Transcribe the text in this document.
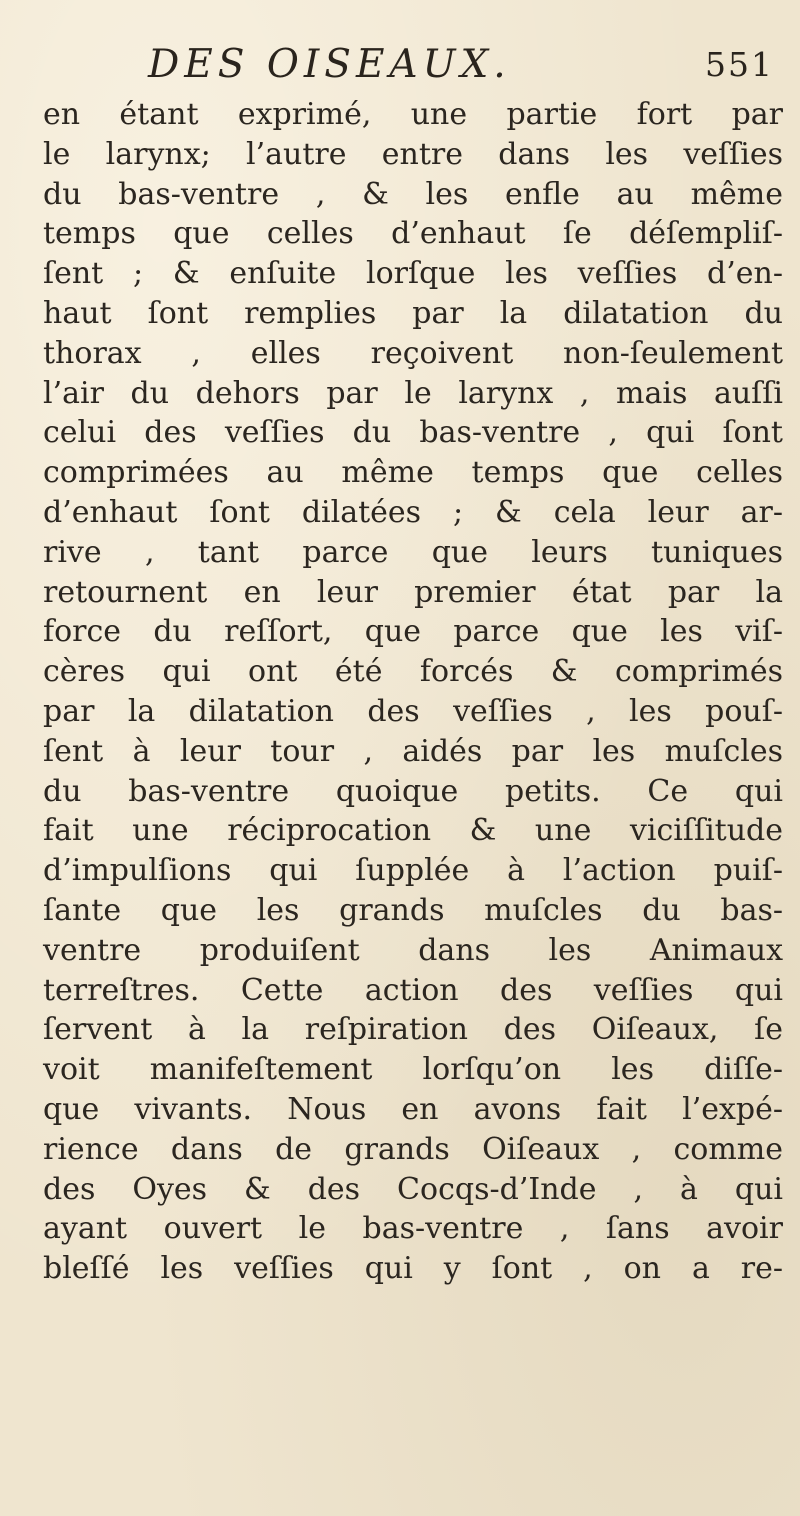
DES OISEAUX.	551
en étant exprimé, une partie fort par
le larynx; l’autre entre dans les veſſies
du bas-ventre , & les enfle au même
temps que celles d’enhaut ſe déſempliſ-
ſent ; & enſuite lorſque les veſſies d’en-
haut ſont remplies par la dilatation du
thorax , elles reçoivent non-ſeulement
l’air du dehors par le larynx , mais auſſi
celui des veſſies du bas-ventre , qui ſont
comprimées au même temps que celles
d’enhaut ſont dilatées ; & cela leur ar-
rive , tant parce que leurs tuniques
retournent en leur premier état par la
force du reſſort, que parce que les viſ-
cères qui ont été forcés & comprimés
par la dilatation des veſſies , les pouſ-
ſent à leur tour , aidés par les muſcles
du bas-ventre quoique petits. Ce qui
fait une réciprocation & une viciſſitude
d’impulſions qui ſupplée à l’action puiſ-
ſante que les grands muſcles du bas-
ventre produiſent dans les Animaux
terreſtres. Cette action des veſſies qui
ſervent à la reſpiration des Oiſeaux, ſe
voit manifeſtement lorſqu’on les diſſe-
que vivants. Nous en avons fait l’expé-
rience dans de grands Oiſeaux , comme
des Oyes & des Cocqs-d’Inde , à qui
ayant ouvert le bas-ventre , ſans avoir
bleſſé les veſſies qui y ſont , on a re-
